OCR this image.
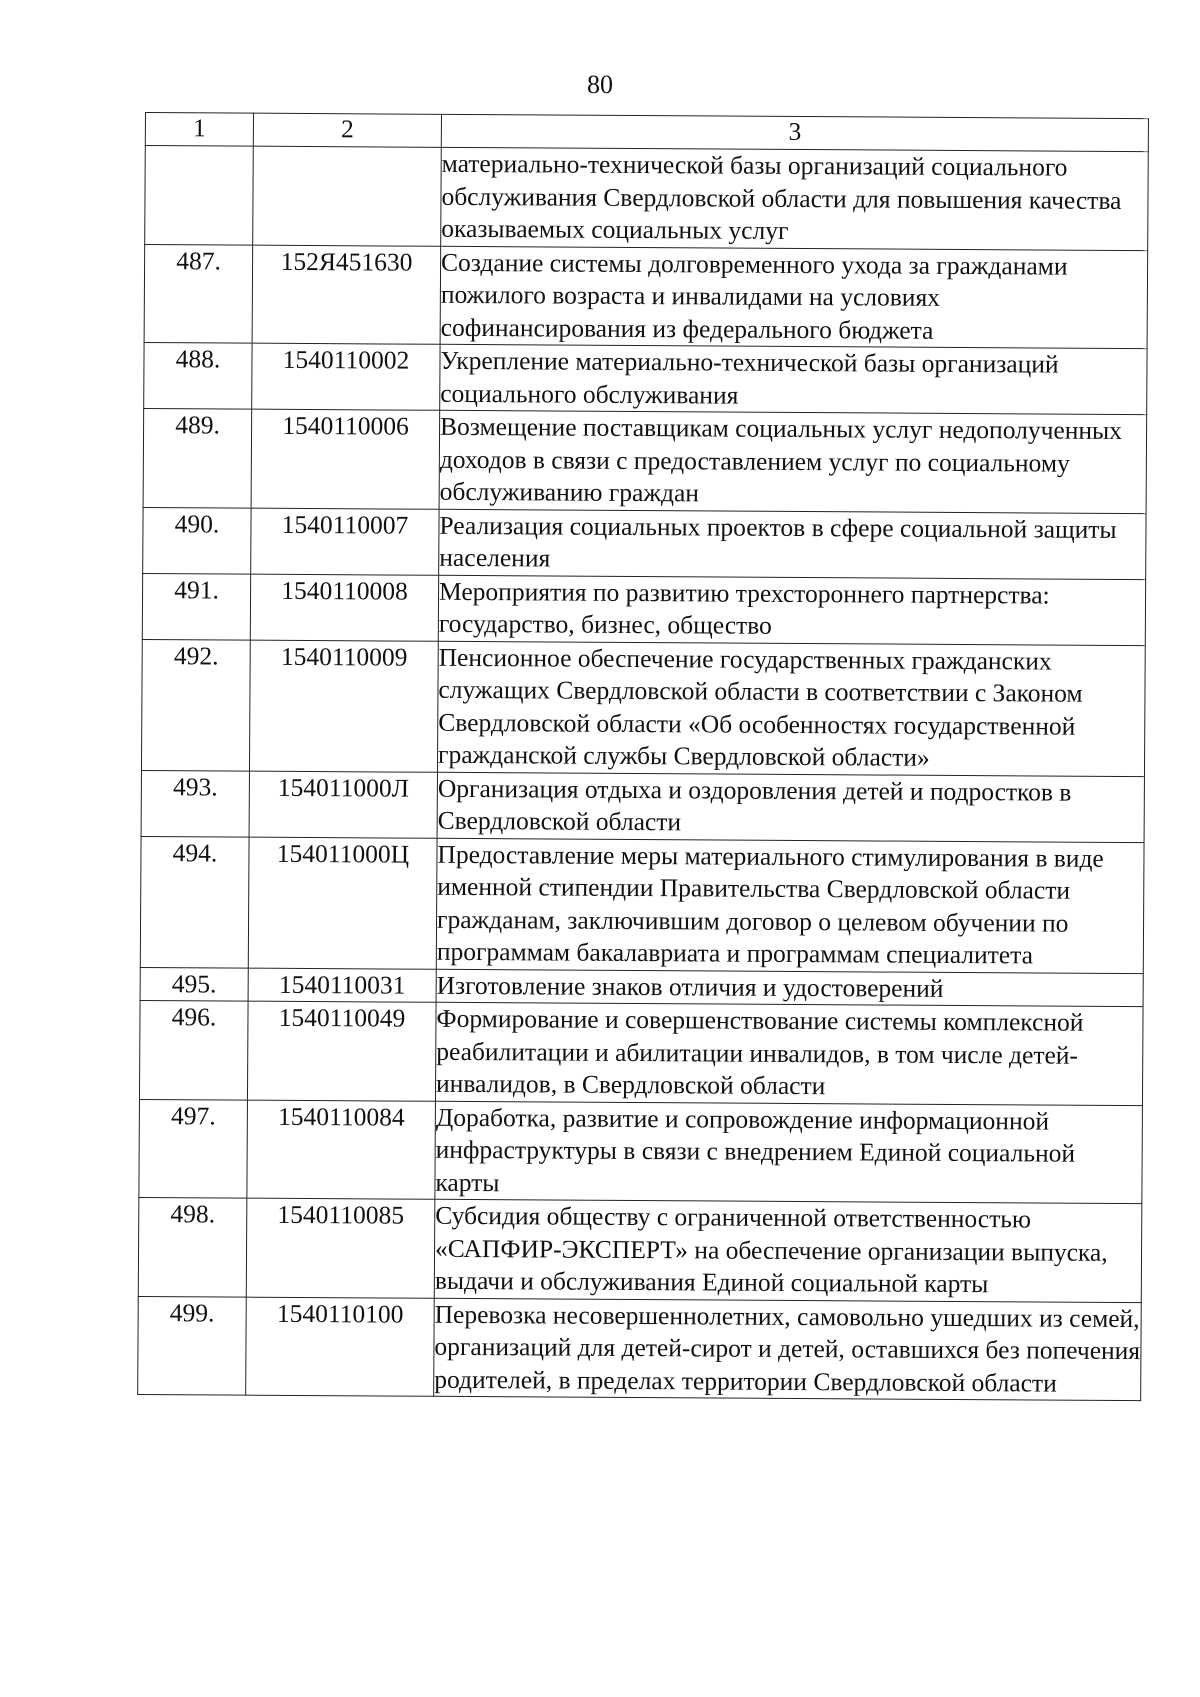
80
1	2	3
		материально-технической базы организаций социального обслуживания Свердловской области для повышения качества оказываемых социальных услуг
487.	152Я451630	Создание системы долговременного ухода за гражданами пожилого возраста и инвалидами на условиях софинансирования из федерального бюджета
488.	1540110002	Укрепление материально-технической базы организаций социального обслуживания
489.	1540110006	Возмещение поставщикам социальных услуг недополученных доходов в связи с предоставлением услуг по социальному обслуживанию граждан
490.	1540110007	Реализация социальных проектов в сфере социальной защиты населения
491.	1540110008	Мероприятия по развитию трехстороннего партнерства: государство, бизнес, общество
492.	1540110009	Пенсионное обеспечение государственных гражданских служащих Свердловской области в соответствии с Законом Свердловской области «Об особенностях государственной гражданской службы Свердловской области»
493.	154011000Л	Организация отдыха и оздоровления детей и подростков в Свердловской области
494.	154011000Ц	Предоставление меры материального стимулирования в виде именной стипендии Правительства Свердловской области гражданам, заключившим договор о целевом обучении по программам бакалавриата и программам специалитета
495.	1540110031	Изготовление знаков отличия и удостоверений
496.	1540110049	Формирование и совершенствование системы комплексной реабилитации и абилитации инвалидов, в том числе детей-инвалидов, в Свердловской области
497.	1540110084	Доработка, развитие и сопровождение информационной инфраструктуры в связи с внедрением Единой социальной карты
498.	1540110085	Субсидия обществу с ограниченной ответственностью «САПФИР-ЭКСПЕРТ» на обеспечение организации выпуска, выдачи и обслуживания Единой социальной карты
499.	1540110100	Перевозка несовершеннолетних, самовольно ушедших из семей, организаций для детей-сирот и детей, оставшихся без попечения родителей, в пределах территории Свердловской области
